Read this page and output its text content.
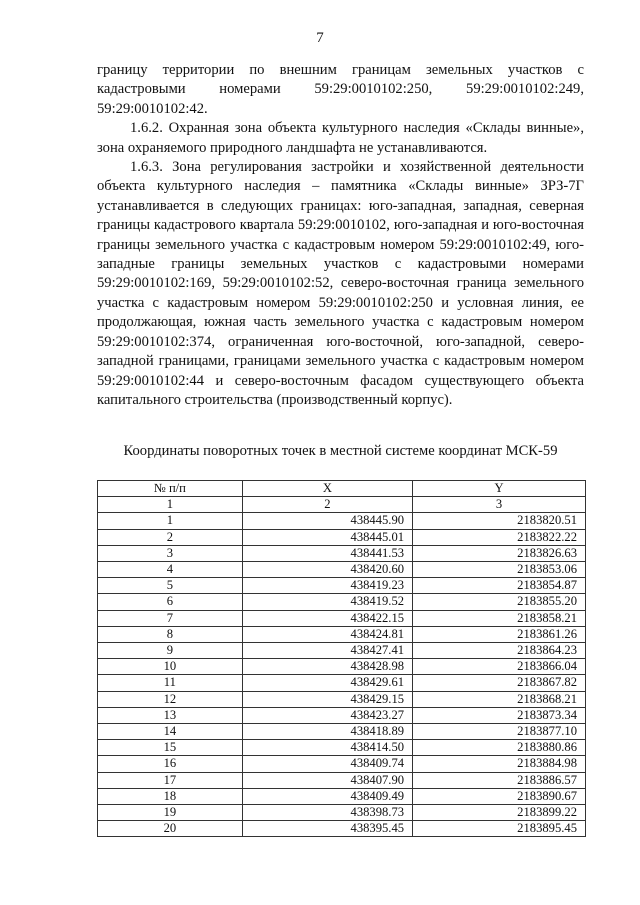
7

границу территории по внешним границам земельных участков с кадастровыми номерами 59:29:0010102:250, 59:29:0010102:249, 59:29:0010102:42.

1.6.2. Охранная зона объекта культурного наследия «Склады винные», зона охраняемого природного ландшафта не устанавливаются.

1.6.3. Зона регулирования застройки и хозяйственной деятельности объекта культурного наследия – памятника «Склады винные» ЗРЗ-7Г устанавливается в следующих границах: юго-западная, западная, северная границы кадастрового квартала 59:29:0010102, юго-западная и юго-восточная границы земельного участка с кадастровым номером 59:29:0010102:49, юго-западные границы земельных участков с кадастровыми номерами 59:29:0010102:169, 59:29:0010102:52, северо-восточная граница земельного участка с кадастровым номером 59:29:0010102:250 и условная линия, ее продолжающая, южная часть земельного участка с кадастровым номером 59:29:0010102:374, ограниченная юго-восточной, юго-западной, северо-западной границами, границами земельного участка с кадастровым номером 59:29:0010102:44 и северо-восточным фасадом существующего объекта капитального строительства (производственный корпус).

Координаты поворотных точек в местной системе координат МСК-59
№ п/п	X	Y
1	2	3
1	438445.90	2183820.51
2	438445.01	2183822.22
3	438441.53	2183826.63
4	438420.60	2183853.06
5	438419.23	2183854.87
6	438419.52	2183855.20
7	438422.15	2183858.21
8	438424.81	2183861.26
9	438427.41	2183864.23
10	438428.98	2183866.04
11	438429.61	2183867.82
12	438429.15	2183868.21
13	438423.27	2183873.34
14	438418.89	2183877.10
15	438414.50	2183880.86
16	438409.74	2183884.98
17	438407.90	2183886.57
18	438409.49	2183890.67
19	438398.73	2183899.22
20	438395.45	2183895.45
